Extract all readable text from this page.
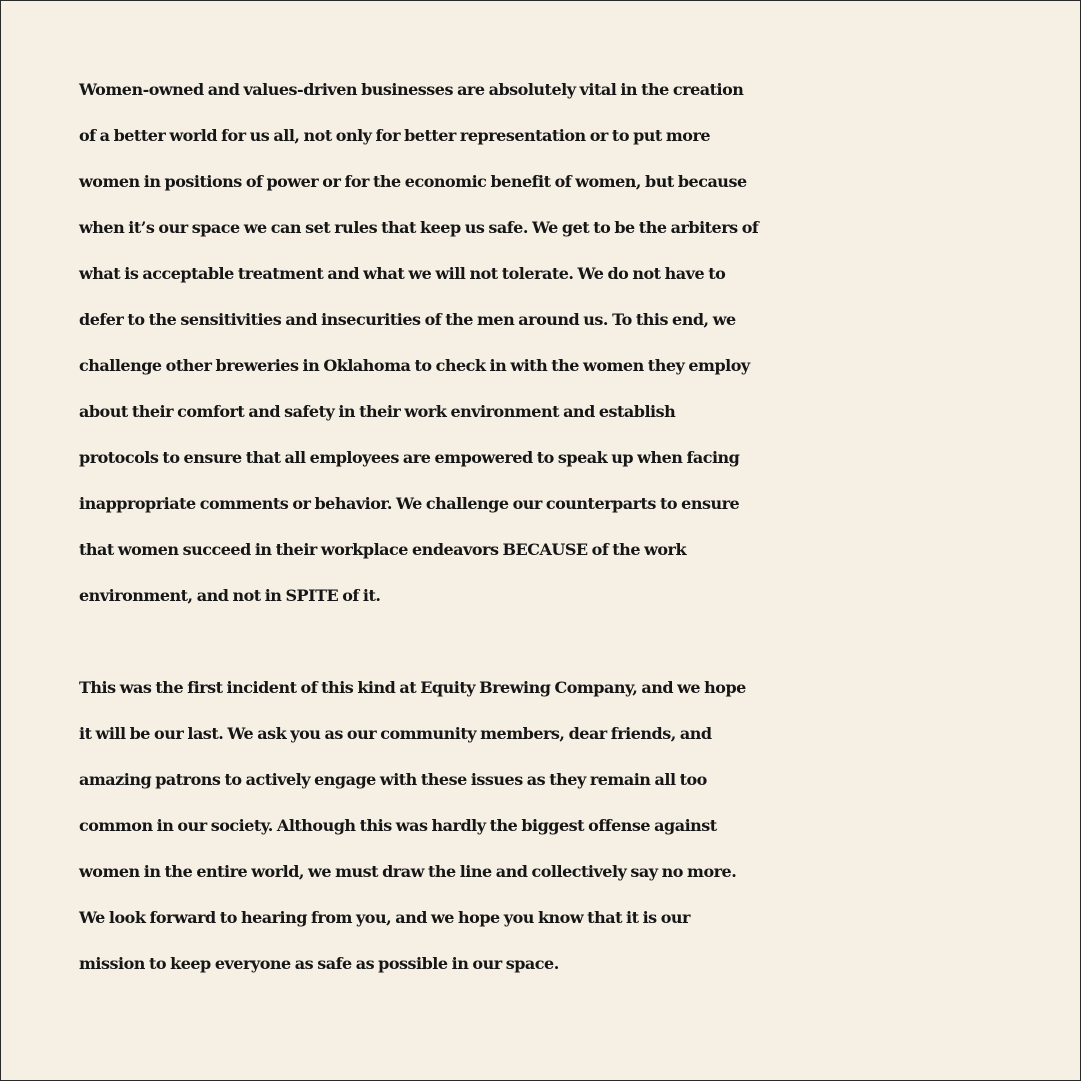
Women-owned and values-driven businesses are absolutely vital in the creation
of a better world for us all, not only for better representation or to put more
women in positions of power or for the economic benefit of women, but because
when it’s our space we can set rules that keep us safe. We get to be the arbiters of
what is acceptable treatment and what we will not tolerate. We do not have to
defer to the sensitivities and insecurities of the men around us. To this end, we
challenge other breweries in Oklahoma to check in with the women they employ
about their comfort and safety in their work environment and establish
protocols to ensure that all employees are empowered to speak up when facing
inappropriate comments or behavior. We challenge our counterparts to ensure
that women succeed in their workplace endeavors BECAUSE of the work
environment, and not in SPITE of it.
This was the first incident of this kind at Equity Brewing Company, and we hope
it will be our last. We ask you as our community members, dear friends, and
amazing patrons to actively engage with these issues as they remain all too
common in our society. Although this was hardly the biggest offense against
women in the entire world, we must draw the line and collectively say no more.
We look forward to hearing from you, and we hope you know that it is our
mission to keep everyone as safe as possible in our space.
